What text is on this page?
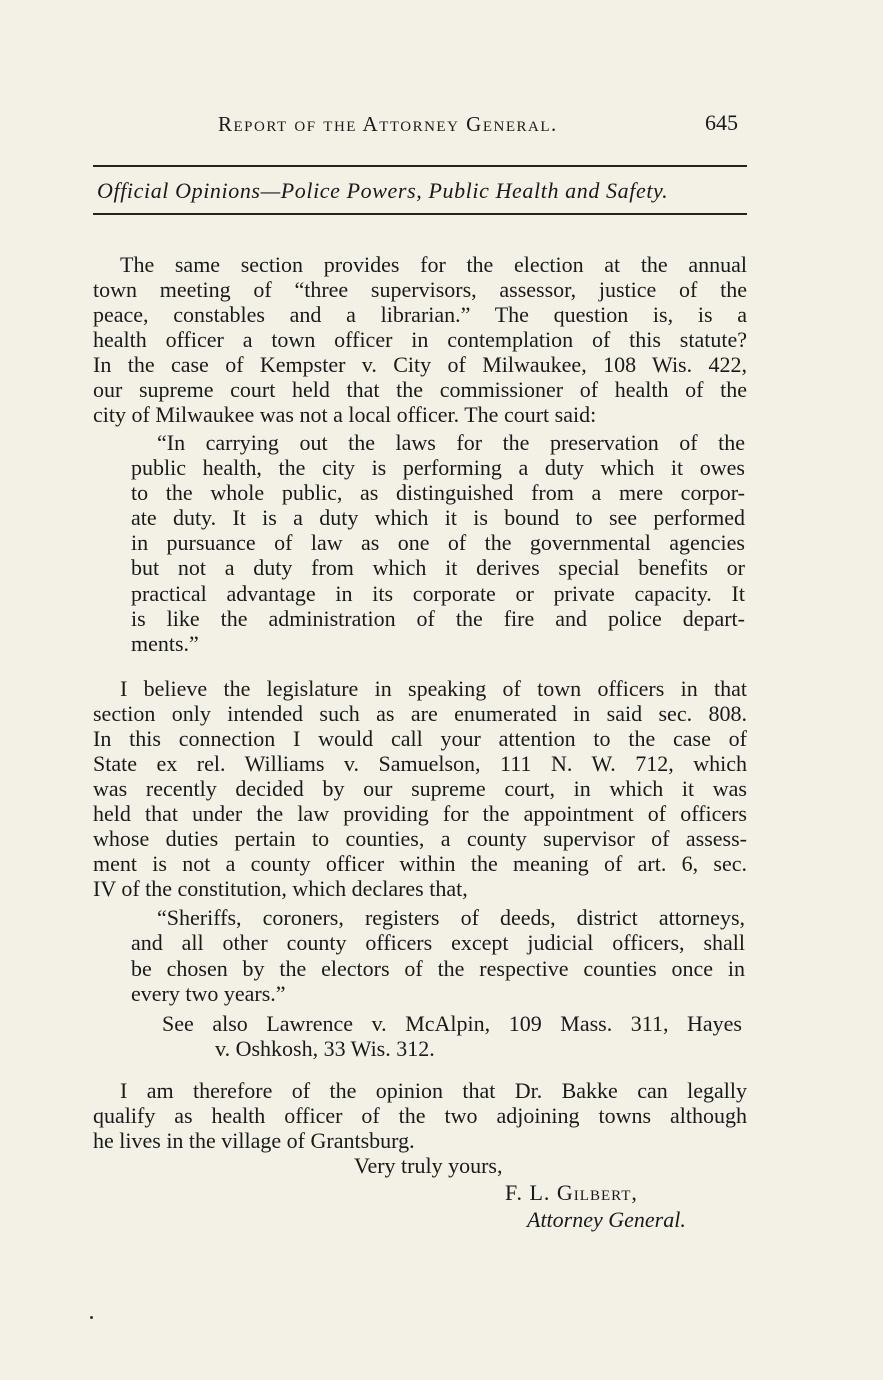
Report of the Attorney General.	645
Official Opinions—Police Powers, Public Health and Safety.
The same section provides for the election at the annual
town meeting of “three supervisors, assessor, justice of the
peace, constables and a librarian.” The question is, is a
health officer a town officer in contemplation of this statute?
In the case of Kempster v. City of Milwaukee, 108 Wis. 422,
our supreme court held that the commissioner of health of the
city of Milwaukee was not a local officer. The court said:
“In carrying out the laws for the preservation of the
public health, the city is performing a duty which it owes
to the whole public, as distinguished from a mere corpor-
ate duty. It is a duty which it is bound to see performed
in pursuance of law as one of the governmental agencies
but not a duty from which it derives special benefits or
practical advantage in its corporate or private capacity. It
is like the administration of the fire and police depart-
ments.”
I believe the legislature in speaking of town officers in that
section only intended such as are enumerated in said sec. 808.
In this connection I would call your attention to the case of
State ex rel. Williams v. Samuelson, 111 N. W. 712, which
was recently decided by our supreme court, in which it was
held that under the law providing for the appointment of officers
whose duties pertain to counties, a county supervisor of assess-
ment is not a county officer within the meaning of art. 6, sec.
IV of the constitution, which declares that,
“Sheriffs, coroners, registers of deeds, district attorneys,
and all other county officers except judicial officers, shall
be chosen by the electors of the respective counties once in
every two years.”
See also Lawrence v. McAlpin, 109 Mass. 311, Hayes
v. Oshkosh, 33 Wis. 312.
I am therefore of the opinion that Dr. Bakke can legally
qualify as health officer of the two adjoining towns although
he lives in the village of Grantsburg.
Very truly yours,
F. L. Gilbert,
Attorney General.
